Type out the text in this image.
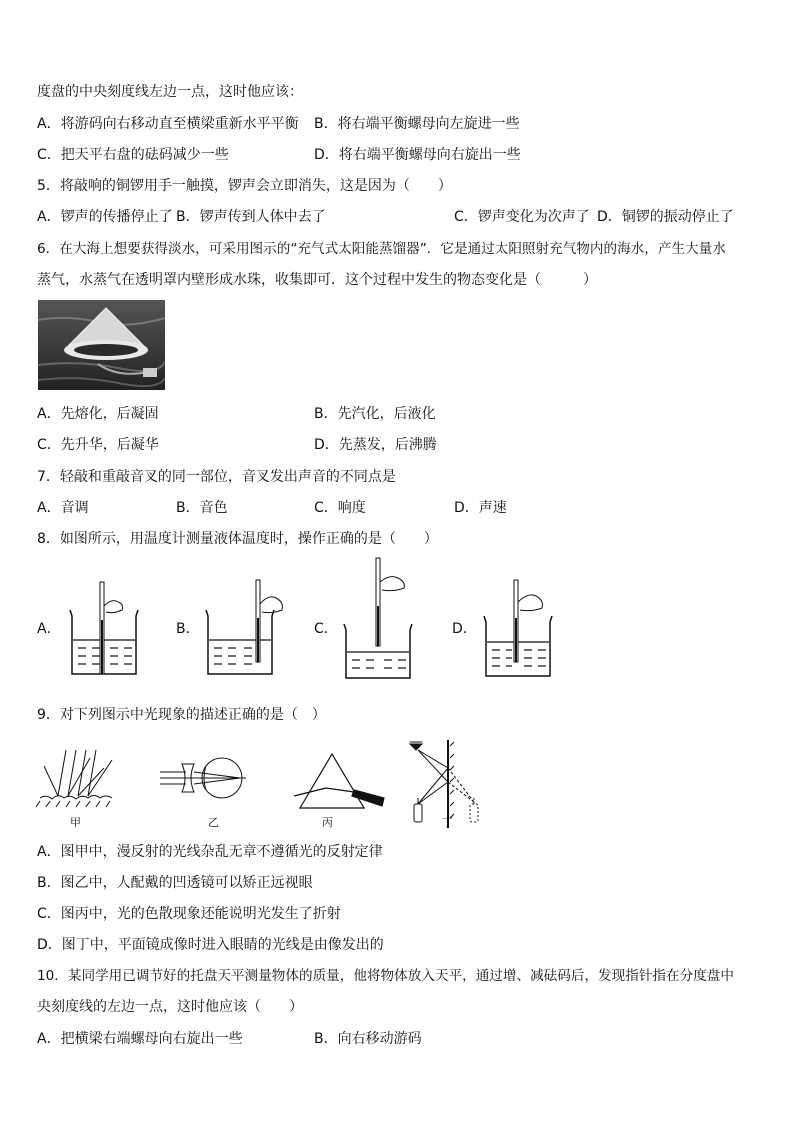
度盘的中央刻度线左边一点，这时他应该：
A．将游码向右移动直至横梁重新水平平衡 B．将右端平衡螺母向左旋进一些
C．把天平右盘的砝码减少一些	D．将右端平衡螺母向右旋出一些
5．将敲响的铜锣用手一触摸，锣声会立即消失，这是因为（　　）
A．锣声的传播停止了 B．锣声传到人体中去了	C．锣声变化为次声了 D．铜锣的振动停止了
6．在大海上想要获得淡水，可采用图示的“充气式太阳能蒸馏器”．它是通过太阳照射充气物内的海水，产生大量水
蒸气，水蒸气在透明罩内壁形成水珠，收集即可．这个过程中发生的物态变化是（　　　）
A．先熔化，后凝固	B．先汽化，后液化
C．先升华，后凝华	D．先蒸发，后沸腾
7．轻敲和重敲音叉的同一部位，音叉发出声音的不同点是
A．音调	B．音色	C．响度	D．声速
8．如图所示，用温度计测量液体温度时，操作正确的是（　　）
A．	B．	C．	D．
9．对下列图示中光现象的描述正确的是（　）
甲	乙	丙	丁
A．图甲中，漫反射的光线杂乱无章不遵循光的反射定律
B．图乙中，人配戴的凹透镜可以矫正远视眼
C．图丙中，光的色散现象还能说明光发生了折射
D．图丁中，平面镜成像时进入眼睛的光线是由像发出的
10．某同学用已调节好的托盘天平测量物体的质量，他将物体放入天平，通过增、减砝码后，发现指针指在分度盘中
央刻度线的左边一点，这时他应该（　　）
A．把横梁右端螺母向右旋出一些	B．向右移动游码
